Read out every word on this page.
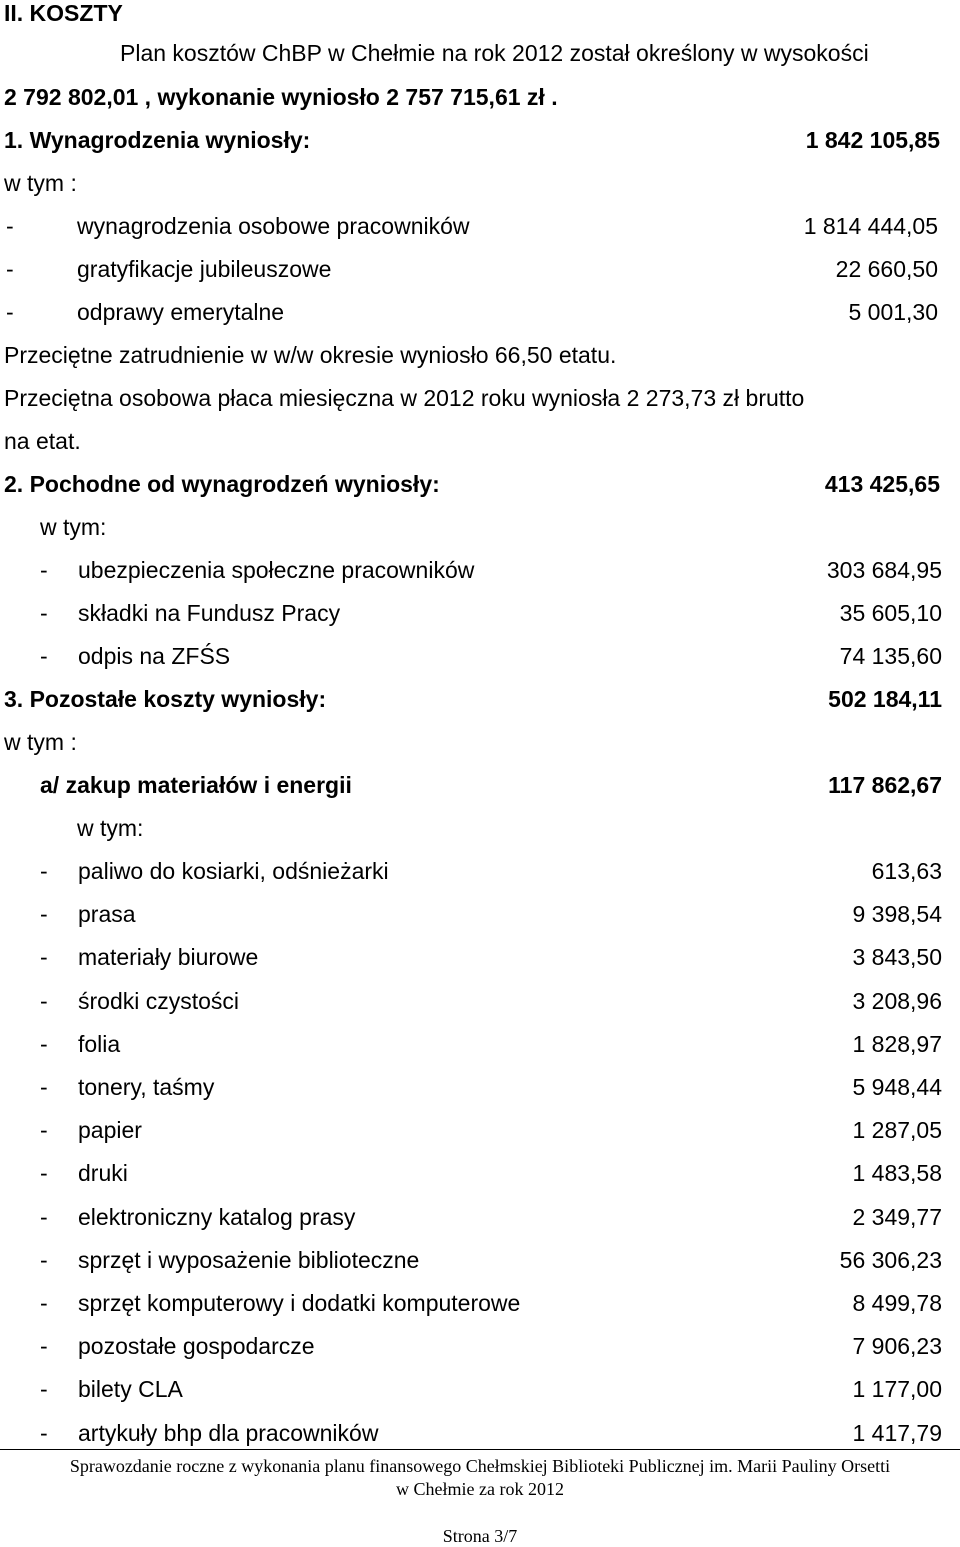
II. KOSZTY
Plan kosztów ChBP w Chełmie na rok 2012 został określony w wysokości
2 792 802,01 , wykonanie wyniosło 2 757 715,61 zł .
1. Wynagrodzenia wyniosły:	1 842 105,85
w tym :
-	wynagrodzenia osobowe pracowników	1 814 444,05
-	gratyfikacje jubileuszowe	22 660,50
-	odprawy emerytalne	5 001,30
Przeciętne zatrudnienie w w/w okresie wyniosło 66,50 etatu.
Przeciętna osobowa płaca miesięczna w 2012 roku wyniosła 2 273,73 zł brutto
na etat.
2. Pochodne od wynagrodzeń wyniosły:	413 425,65
w tym:
- ubezpieczenia społeczne pracowników	303 684,95
- składki na Fundusz Pracy	35 605,10
- odpis na ZFŚS	74 135,60
3. Pozostałe koszty wyniosły:	502 184,11
w tym :
a/ zakup materiałów i energii	117 862,67
w tym:
- paliwo do kosiarki, odśnieżarki	613,63
- prasa	9 398,54
- materiały biurowe	3 843,50
- środki czystości	3 208,96
- folia	1 828,97
- tonery, taśmy	5 948,44
- papier	1 287,05
- druki	1 483,58
- elektroniczny katalog prasy	2 349,77
- sprzęt i wyposażenie biblioteczne	56 306,23
- sprzęt komputerowy i dodatki komputerowe	8 499,78
- pozostałe gospodarcze	7 906,23
- bilety CLA	1 177,00
- artykuły bhp dla pracowników	1 417,79
Sprawozdanie roczne z wykonania planu finansowego Chełmskiej Biblioteki Publicznej im. Marii Pauliny Orsetti
w Chełmie za rok 2012
Strona 3/7
